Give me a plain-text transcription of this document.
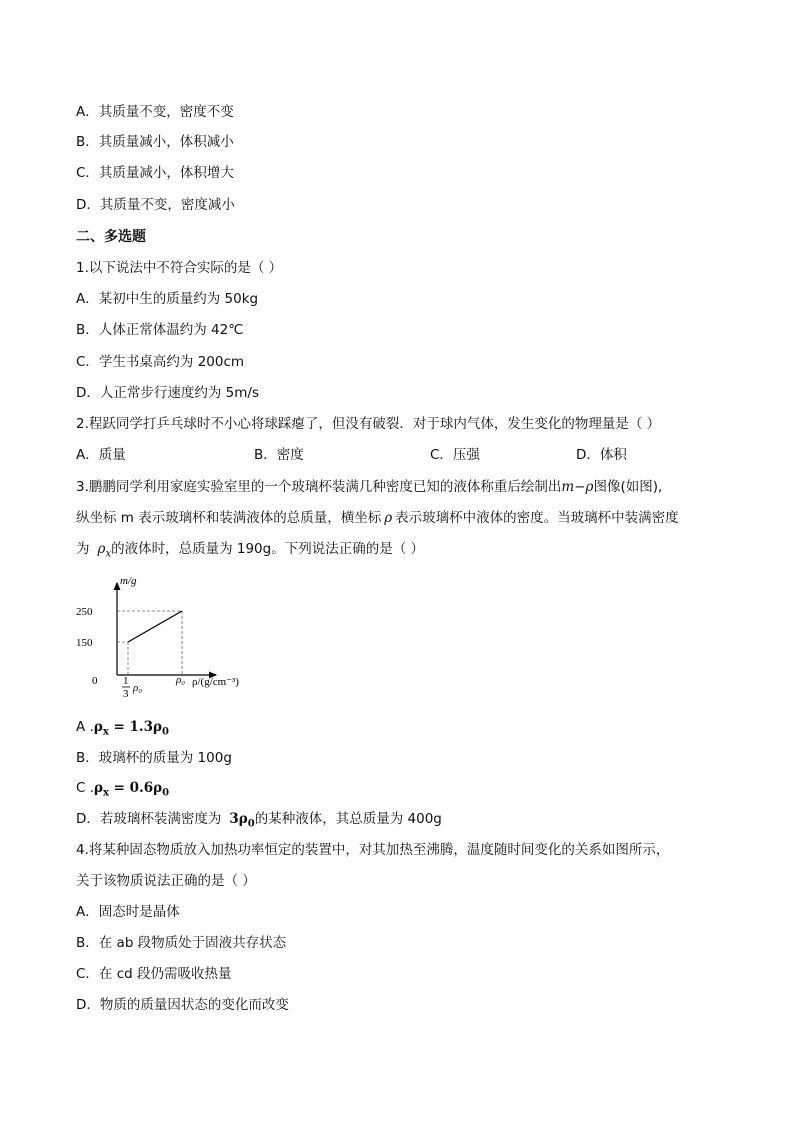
A．其质量不变，密度不变
B．其质量减小，体积减小
C．其质量减小，体积增大
D．其质量不变，密度减小
二、多选题
1.以下说法中不符合实际的是（ ）
A．某初中生的质量约为 50kg
B．人体正常体温约为 42℃
C．学生书桌高约为 200cm
D．人正常步行速度约为 5m/s
2.程跃同学打乒乓球时不小心将球踩瘪了，但没有破裂．对于球内气体，发生变化的物理量是（ ）
A．质量	B．密度	C．压强	D．体积
3.鹏鹏同学利用家庭实验室里的一个玻璃杯装满几种密度已知的液体称重后绘制出m−ρ图像(如图),
纵坐标 m 表示玻璃杯和装满液体的总质量，横坐标 ρ 表示玻璃杯中液体的密度。当玻璃杯中装满密度
为 $\rho_x$的液体时，总质量为 190g。下列说法正确的是（ ）
m/g
250
150
0 1
3 ρ₀
ρ₀ ρ/(g/cm⁻³)
A $.\rho_x = 1.3\rho_0$
B．玻璃杯的质量为 100g
C $.\rho_x = 0.6\rho_0$
D．若玻璃杯装满密度为 $3\rho_0$的某种液体，其总质量为 400g
4.将某种固态物质放入加热功率恒定的装置中，对其加热至沸腾，温度随时间变化的关系如图所示，
关于该物质说法正确的是（ ）
A．固态时是晶体
B．在 ab 段物质处于固液共存状态
C．在 cd 段仍需吸收热量
D．物质的质量因状态的变化而改变
